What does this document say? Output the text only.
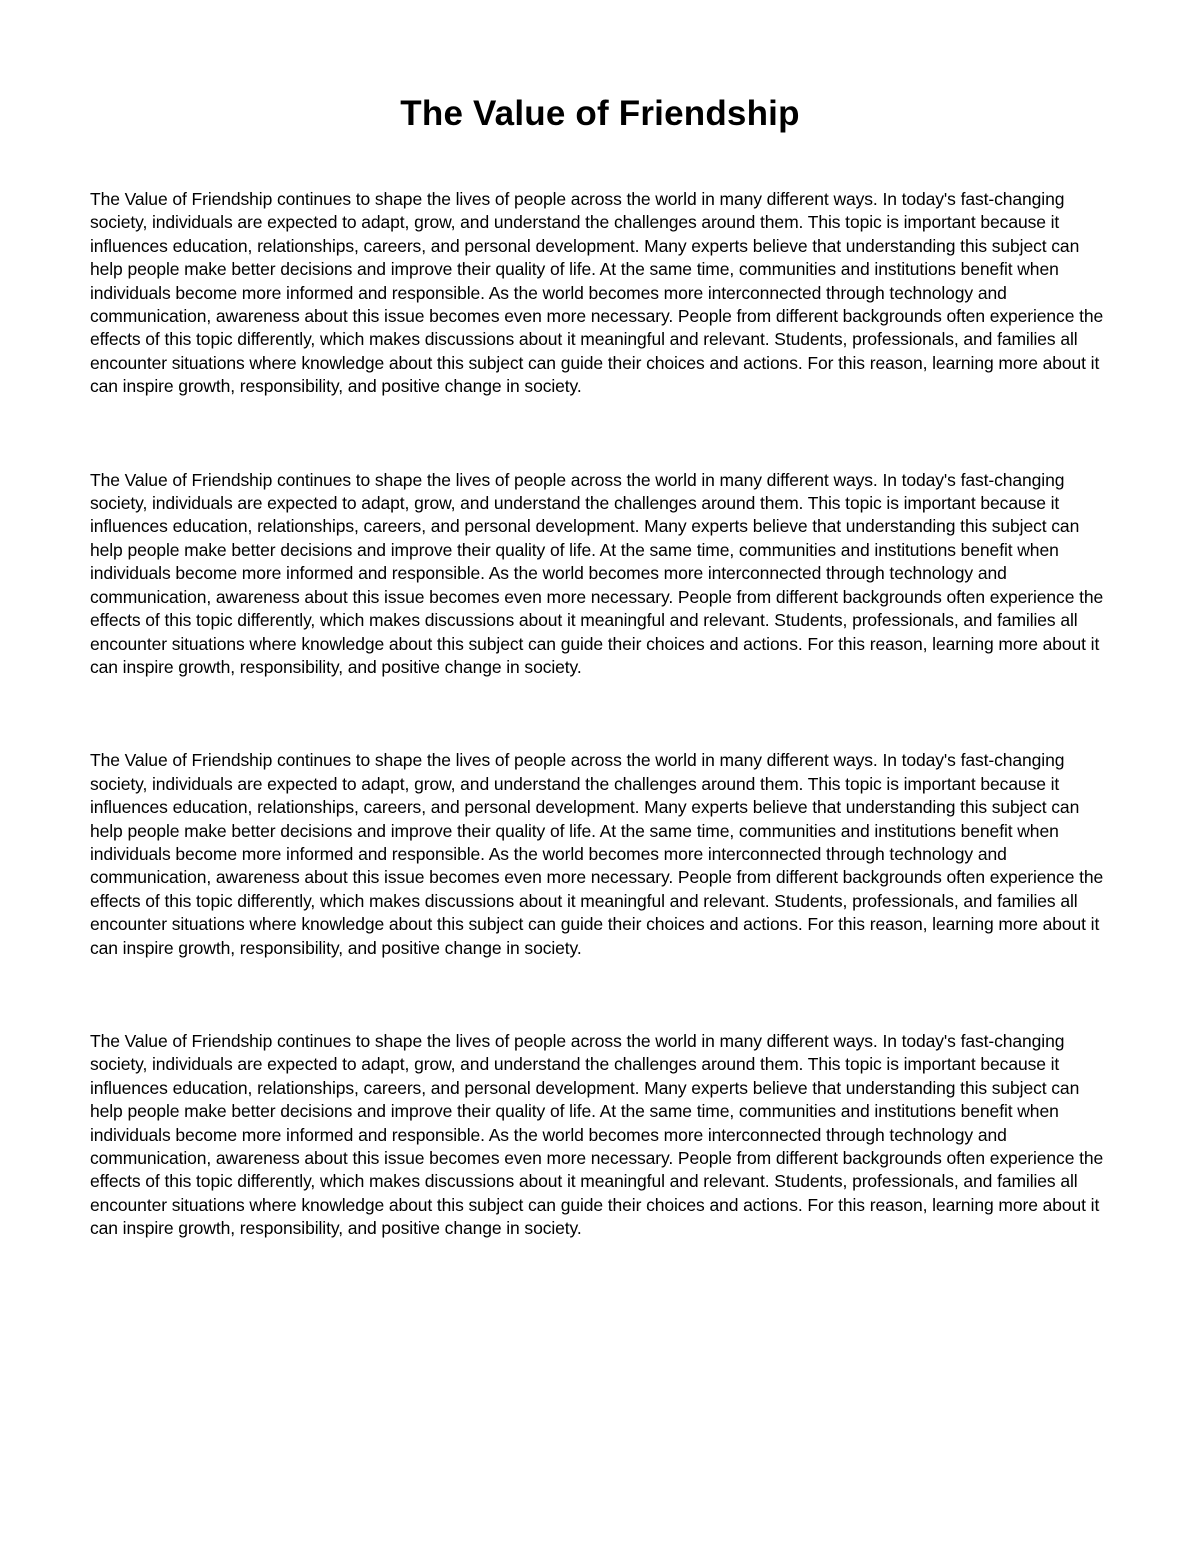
The Value of Friendship

The Value of Friendship continues to shape the lives of people across the world in many different ways. In today's fast-changing society, individuals are expected to adapt, grow, and understand the challenges around them. This topic is important because it influences education, relationships, careers, and personal development. Many experts believe that understanding this subject can help people make better decisions and improve their quality of life. At the same time, communities and institutions benefit when individuals become more informed and responsible. As the world becomes more interconnected through technology and communication, awareness about this issue becomes even more necessary. People from different backgrounds often experience the effects of this topic differently, which makes discussions about it meaningful and relevant. Students, professionals, and families all encounter situations where knowledge about this subject can guide their choices and actions. For this reason, learning more about it can inspire growth, responsibility, and positive change in society.

The Value of Friendship continues to shape the lives of people across the world in many different ways. In today's fast-changing society, individuals are expected to adapt, grow, and understand the challenges around them. This topic is important because it influences education, relationships, careers, and personal development. Many experts believe that understanding this subject can help people make better decisions and improve their quality of life. At the same time, communities and institutions benefit when individuals become more informed and responsible. As the world becomes more interconnected through technology and communication, awareness about this issue becomes even more necessary. People from different backgrounds often experience the effects of this topic differently, which makes discussions about it meaningful and relevant. Students, professionals, and families all encounter situations where knowledge about this subject can guide their choices and actions. For this reason, learning more about it can inspire growth, responsibility, and positive change in society.

The Value of Friendship continues to shape the lives of people across the world in many different ways. In today's fast-changing society, individuals are expected to adapt, grow, and understand the challenges around them. This topic is important because it influences education, relationships, careers, and personal development. Many experts believe that understanding this subject can help people make better decisions and improve their quality of life. At the same time, communities and institutions benefit when individuals become more informed and responsible. As the world becomes more interconnected through technology and communication, awareness about this issue becomes even more necessary. People from different backgrounds often experience the effects of this topic differently, which makes discussions about it meaningful and relevant. Students, professionals, and families all encounter situations where knowledge about this subject can guide their choices and actions. For this reason, learning more about it can inspire growth, responsibility, and positive change in society.

The Value of Friendship continues to shape the lives of people across the world in many different ways. In today's fast-changing society, individuals are expected to adapt, grow, and understand the challenges around them. This topic is important because it influences education, relationships, careers, and personal development. Many experts believe that understanding this subject can help people make better decisions and improve their quality of life. At the same time, communities and institutions benefit when individuals become more informed and responsible. As the world becomes more interconnected through technology and communication, awareness about this issue becomes even more necessary. People from different backgrounds often experience the effects of this topic differently, which makes discussions about it meaningful and relevant. Students, professionals, and families all encounter situations where knowledge about this subject can guide their choices and actions. For this reason, learning more about it can inspire growth, responsibility, and positive change in society.
